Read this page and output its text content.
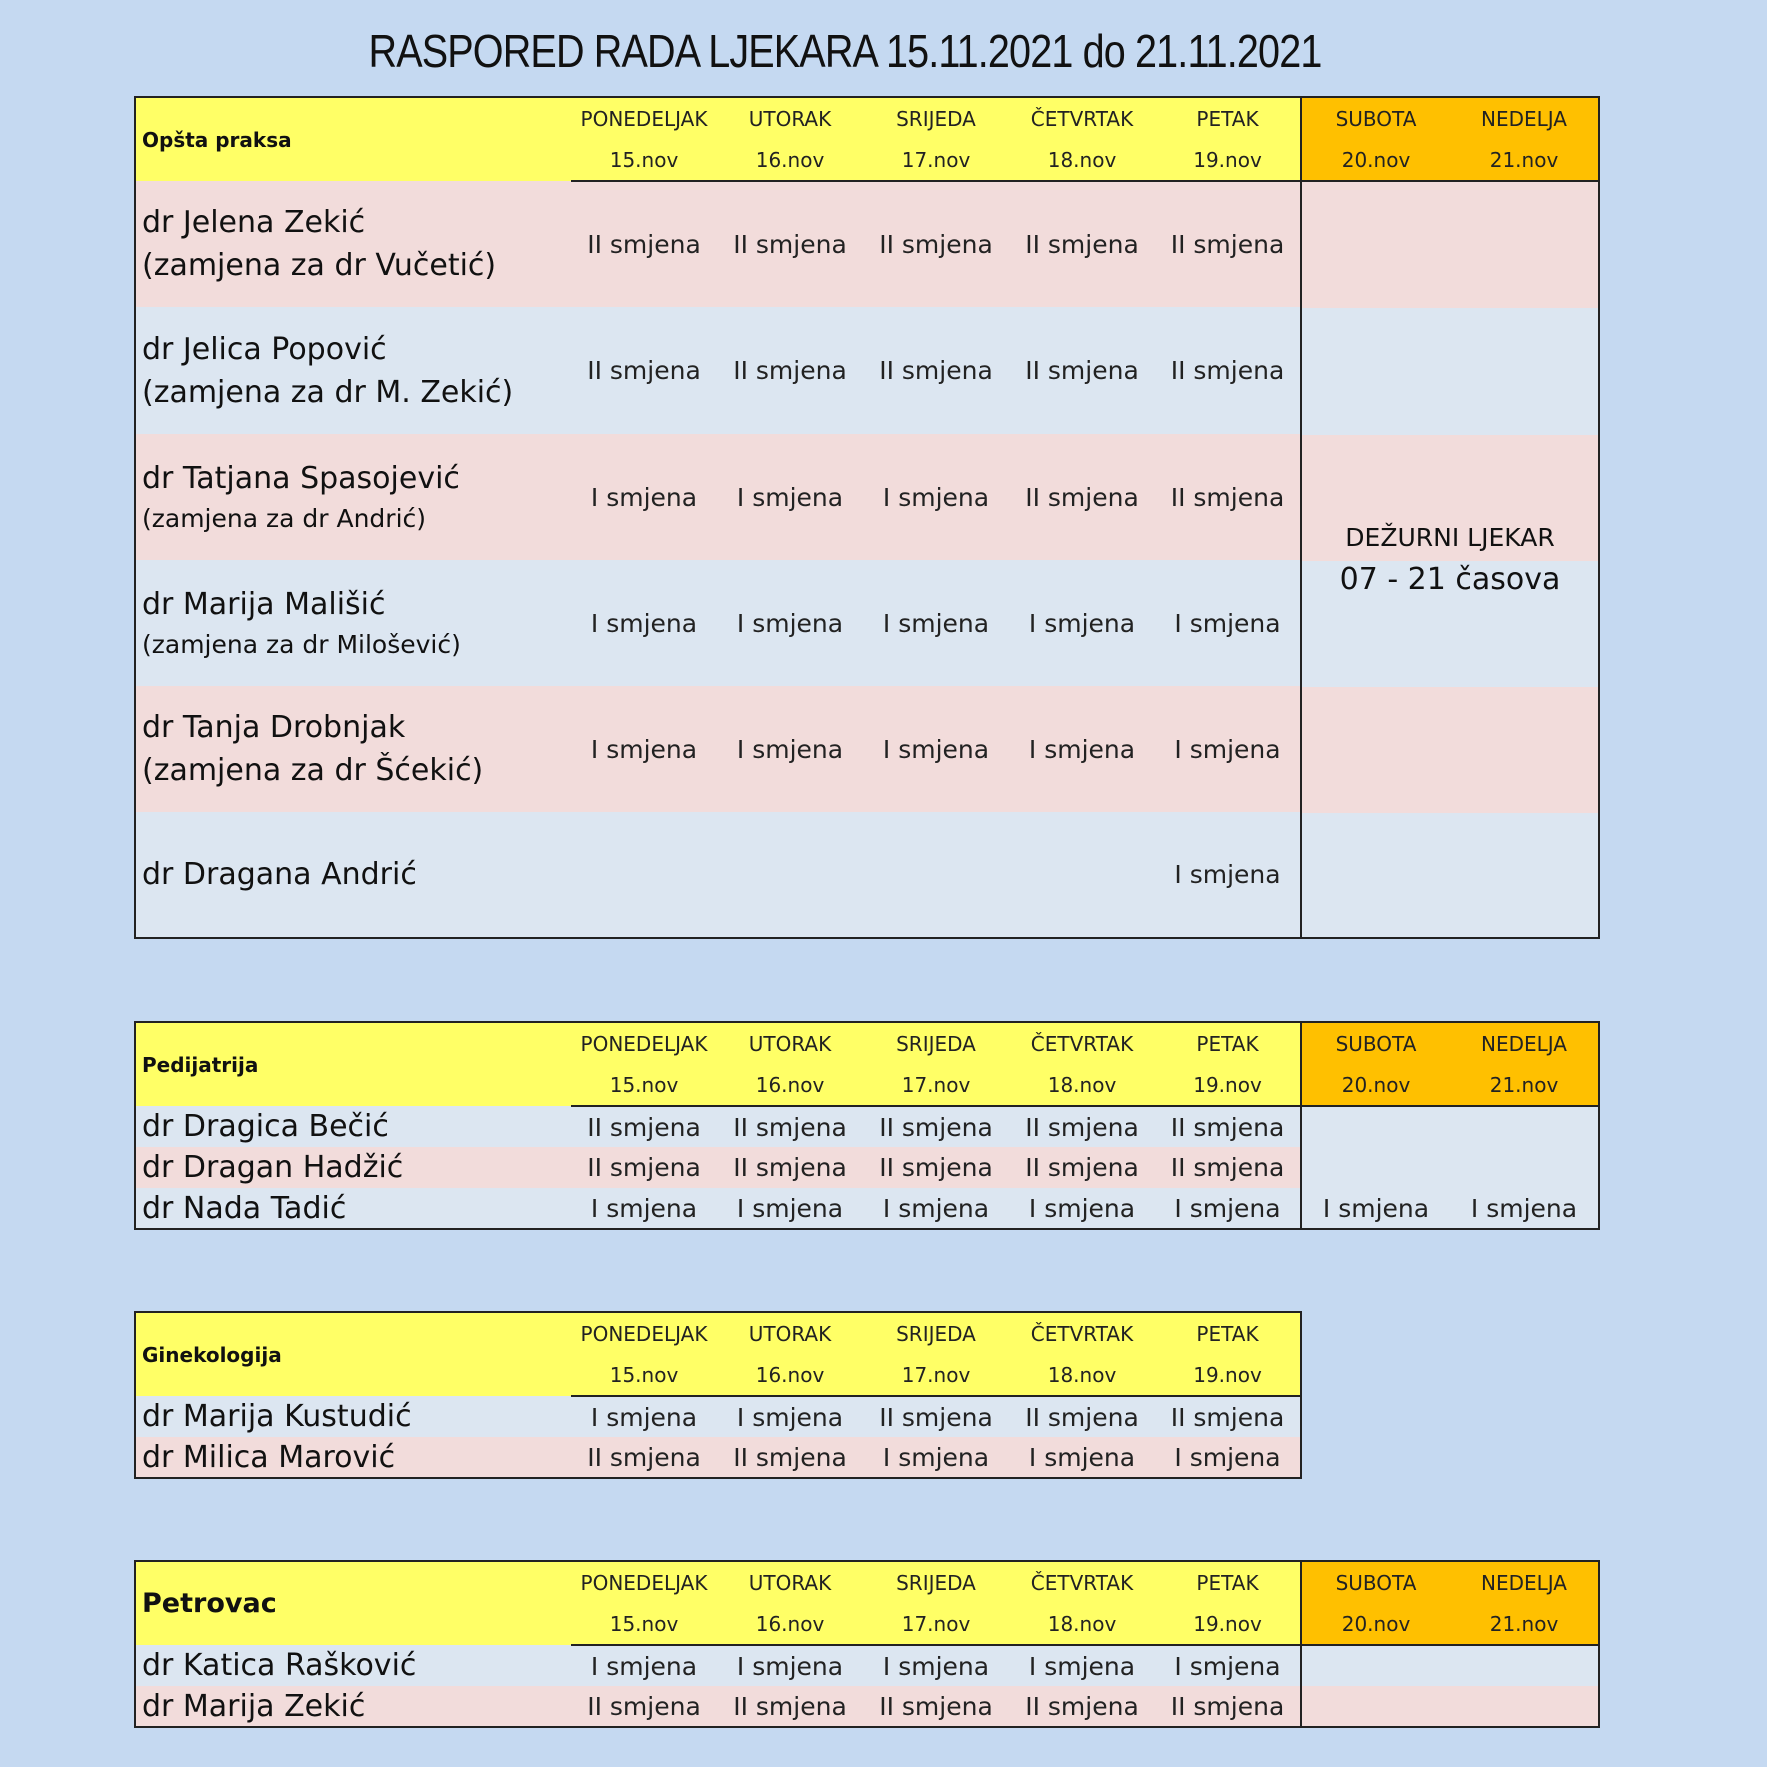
RASPORED RADA LJEKARA 15.11.2021 do 21.11.2021
Opšta praksa	PONEDELJAK	UTORAK	SRIJEDA	ČETVRTAK	PETAK	SUBOTA	NEDELJA
	15.nov	16.nov	17.nov	18.nov	19.nov	20.nov	21.nov
dr Jelena Zekić
(zamjena za dr Vučetić)	II smjena	II smjena	II smjena	II smjena	II smjena	DEŽURNI LJEKAR
07 - 21 časova	

dr Jelica Popović
(zamjena za dr M. Zekić)	II smjena	II smjena	II smjena	II smjena	II smjena		
dr Tatjana Spasojević
(zamjena za dr Andrić)	I smjena	I smjena	I smjena	II smjena	II smjena		
dr Marija Mališić
(zamjena za dr Milošević)	I smjena	I smjena	I smjena	I smjena	I smjena		
dr Tanja Drobnjak
(zamjena za dr Šćekić)	I smjena	I smjena	I smjena	I smjena	I smjena		
dr Dragana Andrić					I smjena		
Pedijatrija	PONEDELJAK	UTORAK	SRIJEDA	ČETVRTAK	PETAK	SUBOTA	NEDELJA
	15.nov	16.nov	17.nov	18.nov	19.nov	20.nov	21.nov
dr Dragica Bečić	II smjena	II smjena	II smjena	II smjena	II smjena		
dr Dragan Hadžić	II smjena	II smjena	II smjena	II smjena	II smjena		
dr Nada Tadić	I smjena	I smjena	I smjena	I smjena	I smjena	I smjena	I smjena
Ginekologija	PONEDELJAK	UTORAK	SRIJEDA	ČETVRTAK	PETAK
	15.nov	16.nov	17.nov	18.nov	19.nov
dr Marija Kustudić	I smjena	I smjena	II smjena	II smjena	II smjena
dr Milica Marović	II smjena	II smjena	I smjena	I smjena	I smjena
Petrovac	PONEDELJAK	UTORAK	SRIJEDA	ČETVRTAK	PETAK	SUBOTA	NEDELJA
	15.nov	16.nov	17.nov	18.nov	19.nov	20.nov	21.nov
dr Katica Rašković	I smjena	I smjena	I smjena	I smjena	I smjena		
dr Marija Zekić	II smjena	II smjena	II smjena	II smjena	II smjena		
